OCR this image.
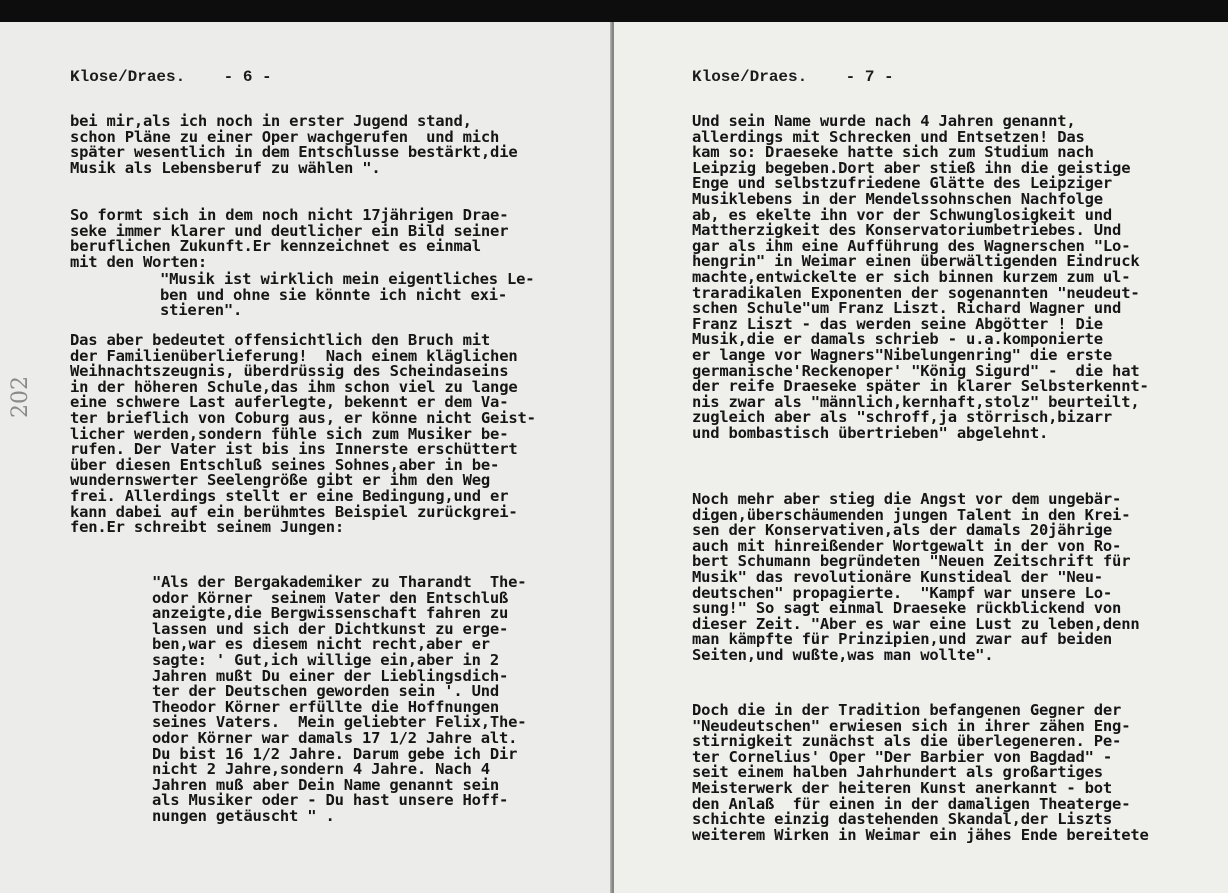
Klose/Draes.    - 6 -
bei mir,als ich noch in erster Jugend stand,
schon Pläne zu einer Oper wachgerufen  und mich
später wesentlich in dem Entschlusse bestärkt,die
Musik als Lebensberuf zu wählen ".
So formt sich in dem noch nicht 17jährigen Drae-
seke immer klarer und deutlicher ein Bild seiner
beruflichen Zukunft.Er kennzeichnet es einmal
mit den Worten:
"Musik ist wirklich mein eigentliches Le-
ben und ohne sie könnte ich nicht exi-
stieren".
Das aber bedeutet offensichtlich den Bruch mit
der Familienüberlieferung!  Nach einem kläglichen
Weihnachtszeugnis, überdrüssig des Scheindaseins
in der höheren Schule,das ihm schon viel zu lange
eine schwere Last auferlegte, bekennt er dem Va-
ter brieflich von Coburg aus, er könne nicht Geist-
licher werden,sondern fühle sich zum Musiker be-
rufen. Der Vater ist bis ins Innerste erschüttert
über diesen Entschluß seines Sohnes,aber in be-
wundernswerter Seelengröße gibt er ihm den Weg
frei. Allerdings stellt er eine Bedingung,und er
kann dabei auf ein berühmtes Beispiel zurückgrei-
fen.Er schreibt seinem Jungen:
"Als der Bergakademiker zu Tharandt  The-
odor Körner  seinem Vater den Entschluß
anzeigte,die Bergwissenschaft fahren zu
lassen und sich der Dichtkunst zu erge-
ben,war es diesem nicht recht,aber er
sagte: ' Gut,ich willige ein,aber in 2
Jahren mußt Du einer der Lieblingsdich-
ter der Deutschen geworden sein '. Und
Theodor Körner erfüllte die Hoffnungen
seines Vaters.  Mein geliebter Felix,The-
odor Körner war damals 17 1/2 Jahre alt.
Du bist 16 1/2 Jahre. Darum gebe ich Dir
nicht 2 Jahre,sondern 4 Jahre. Nach 4
Jahren muß aber Dein Name genannt sein
als Musiker oder - Du hast unsere Hoff-
nungen getäuscht " .
202
Klose/Draes.    - 7 -
Und sein Name wurde nach 4 Jahren genannt,
allerdings mit Schrecken und Entsetzen! Das
kam so: Draeseke hatte sich zum Studium nach
Leipzig begeben.Dort aber stieß ihn die geistige
Enge und selbstzufriedene Glätte des Leipziger
Musiklebens in der Mendelssohnschen Nachfolge
ab, es ekelte ihn vor der Schwunglosigkeit und
Mattherzigkeit des Konservatoriumbetriebes. Und
gar als ihm eine Aufführung des Wagnerschen "Lo-
hengrin" in Weimar einen überwältigenden Eindruck
machte,entwickelte er sich binnen kurzem zum ul-
traradikalen Exponenten der sogenannten "neudeut-
schen Schule"um Franz Liszt. Richard Wagner und
Franz Liszt - das werden seine Abgötter ! Die
Musik,die er damals schrieb - u.a.komponierte
er lange vor Wagners"Nibelungenring" die erste
germanische'Reckenoper' "König Sigurd" -  die hat
der reife Draeseke später in klarer Selbsterkennt-
nis zwar als "männlich,kernhaft,stolz" beurteilt,
zugleich aber als "schroff,ja störrisch,bizarr
und bombastisch übertrieben" abgelehnt.
Noch mehr aber stieg die Angst vor dem ungebär-
digen,überschäumenden jungen Talent in den Krei-
sen der Konservativen,als der damals 20jährige
auch mit hinreißender Wortgewalt in der von Ro-
bert Schumann begründeten "Neuen Zeitschrift für
Musik" das revolutionäre Kunstideal der "Neu-
deutschen" propagierte.  "Kampf war unsere Lo-
sung!" So sagt einmal Draeseke rückblickend von
dieser Zeit. "Aber es war eine Lust zu leben,denn
man kämpfte für Prinzipien,und zwar auf beiden
Seiten,und wußte,was man wollte".
Doch die in der Tradition befangenen Gegner der
"Neudeutschen" erwiesen sich in ihrer zähen Eng-
stirnigkeit zunächst als die überlegeneren. Pe-
ter Cornelius' Oper "Der Barbier von Bagdad" -
seit einem halben Jahrhundert als großartiges
Meisterwerk der heiteren Kunst anerkannt - bot
den Anlaß  für einen in der damaligen Theaterge-
schichte einzig dastehenden Skandal,der Liszts
weiterem Wirken in Weimar ein jähes Ende bereitete
